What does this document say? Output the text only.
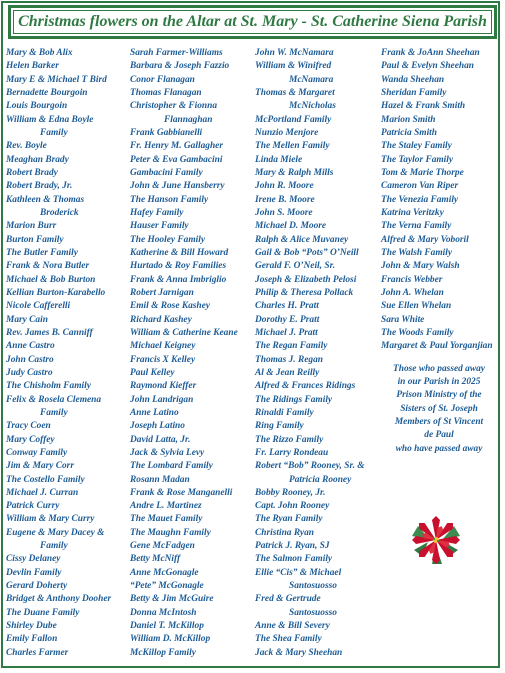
Christmas flowers on the Altar at St. Mary - St. Catherine Siena Parish
Mary & Bob Alix
Helen Barker
Mary E & Michael T Bird
Bernadette Bourgoin
Louis Bourgoin
William & Edna Boyle
Family
Rev. Boyle
Meaghan Brady
Robert Brady
Robert Brady, Jr.
Kathleen & Thomas
Broderick
Marion Burr
Burton Family
The Butler Family
Frank & Nora Butler
Michael & Bob Burton
Kellian Burton-Karabello
Nicole Cafferelli
Mary Cain
Rev. James B. Canniff
Anne Castro
John Castro
Judy Castro
The Chisholm Family
Felix & Rosela Clemena
Family
Tracy Coen
Mary Coffey
Conway Family
Jim & Mary Corr
The Costello Family
Michael J. Curran
Patrick Curry
William & Mary Curry
Eugene & Mary Dacey &
Family
Cissy Delaney
Devlin Family
Gerard Doherty
Bridget & Anthony Dooher
The Duane Family
Shirley Dube
Emily Fallon
Charles Farmer
Sarah Farmer-Williams
Barbara & Joseph Fazzio
Conor Flanagan
Thomas Flanagan
Christopher & Fionna
Flannaghan
Frank Gabbianelli
Fr. Henry M. Gallagher
Peter & Eva Gambacini
Gambacini Family
John & June Hansberry
The Hanson Family
Hafey Family
Hauser Family
The Hooley Family
Katherine & Bill Howard
Hurtado & Roy Families
Frank & Anna Imbriglio
Robert Jarnigan
Emil & Rose Kashey
Richard Kashey
William & Catherine Keane
Michael Keigney
Francis X Kelley
Paul Kelley
Raymond Kieffer
John Landrigan
Anne Latino
Joseph Latino
David Latta, Jr.
Jack & Sylvia Levy
The Lombard Family
Rosann Madan
Frank & Rose Manganelli
Andre L. Martinez
The Mauet Family
The Maughn Family
Gene McFadgen
Betty McNiff
Anne McGonagle
“Pete” McGonagle
Betty & Jim McGuire
Donna McIntosh
Daniel T. McKillop
William D. McKillop
McKillop Family
John W. McNamara
William & Winifred
McNamara
Thomas & Margaret
McNicholas
McPortland Family
Nunzio Menjore
The Mellen Family
Linda Miele
Mary & Ralph Mills
John R. Moore
Irene B. Moore
John S. Moore
Michael D. Moore
Ralph & Alice Muvaney
Gail & Bob “Pots” O’Neill
Gerald F. O’Neil, Sr.
Joseph & Elizabeth Pelosi
Philip & Theresa Pollack
Charles H. Pratt
Dorothy E. Pratt
Michael J. Pratt
The Regan Family
Thomas J. Regan
Al & Jean Reilly
Alfred & Frances Ridings
The Ridings Family
Rinaldi Family
Ring Family
The Rizzo Family
Fr. Larry Rondeau
Robert “Bob” Rooney, Sr. &
Patricia Rooney
Bobby Rooney, Jr.
Capt. John Rooney
The Ryan Family
Christina Ryan
Patrick J. Ryan, SJ
The Salmon Family
Ellie “Cis” & Michael
Santosuosso
Fred & Gertrude
Santosuosso
Anne & Bill Severy
The Shea Family
Jack & Mary Sheehan
Frank & JoAnn Sheehan
Paul & Evelyn Sheehan
Wanda Sheehan
Sheridan Family
Hazel & Frank Smith
Marion Smith
Patricia Smith
The Staley Family
The Taylor Family
Tom & Marie Thorpe
Cameron Van Riper
The Venezia Family
Katrina Veritzky
The Verna Family
Alfred & Mary Voboril
The Walsh Family
John & Mary Walsh
Francis Webber
John A. Whelan
Sue Ellen Whelan
Sara White
The Woods Family
Margaret & Paul Yorganjian
Those who passed away
in our Parish in 2025
Prison Ministry of the
Sisters of St. Joseph
Members of St Vincent
de Paul
who have passed away
